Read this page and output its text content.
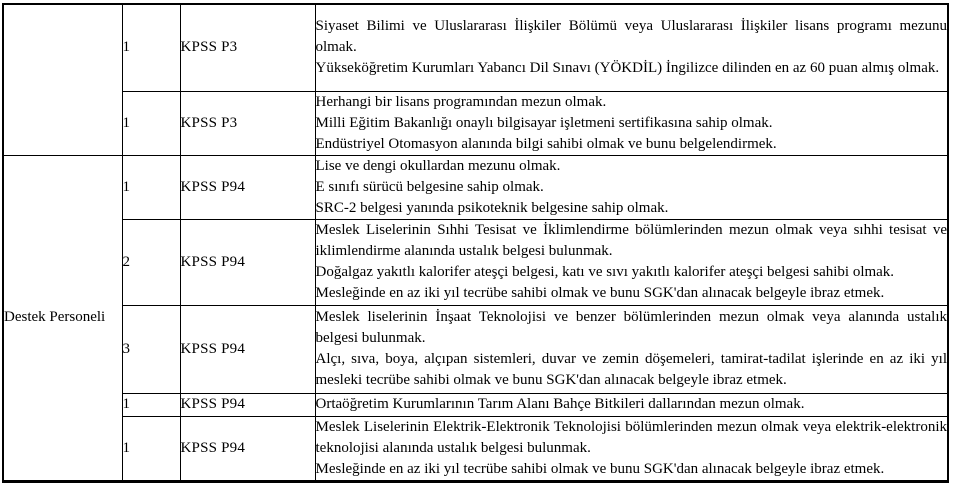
	1	KPSS P3	Siyaset Bilimi ve Uluslararası İlişkiler Bölümü veya Uluslararası İlişkiler lisans programı mezunu olmak.
Yükseköğretim Kurumları Yabancı Dil Sınavı (YÖKDİL) İngilizce dilinden en az 60 puan almış olmak.

	1	KPSS P3	Herhangi bir lisans programından mezun olmak.
Milli Eğitim Bakanlığı onaylı bilgisayar işletmeni sertifikasına sahip olmak.
Endüstriyel Otomasyon alanında bilgi sahibi olmak ve bunu belgelendirmek.

Destek Personeli	1	KPSS P94	Lise ve dengi okullardan mezunu olmak.
E sınıfı sürücü belgesine sahip olmak.
SRC-2 belgesi yanında psikoteknik belgesine sahip olmak.

	2	KPSS P94	Meslek Liselerinin Sıhhi Tesisat ve İklimlendirme bölümlerinden mezun olmak veya sıhhi tesisat ve iklimlendirme alanında ustalık belgesi bulunmak.
Doğalgaz yakıtlı kalorifer ateşçi belgesi, katı ve sıvı yakıtlı kalorifer ateşçi belgesi sahibi olmak.
Mesleğinde en az iki yıl tecrübe sahibi olmak ve bunu SGK'dan alınacak belgeyle ibraz etmek.

	3	KPSS P94	Meslek liselerinin İnşaat Teknolojisi ve benzer bölümlerinden mezun olmak veya alanında ustalık belgesi bulunmak.
Alçı, sıva, boya, alçıpan sistemleri, duvar ve zemin döşemeleri, tamirat-tadilat işlerinde en az iki yıl mesleki tecrübe sahibi olmak ve bunu SGK'dan alınacak belgeyle ibraz etmek.

	1	KPSS P94	Ortaöğretim Kurumlarının Tarım Alanı Bahçe Bitkileri dallarından mezun olmak.

	1	KPSS P94	Meslek Liselerinin Elektrik-Elektronik Teknolojisi bölümlerinden mezun olmak veya elektrik-elektronik teknolojisi alanında ustalık belgesi bulunmak.
Mesleğinde en az iki yıl tecrübe sahibi olmak ve bunu SGK'dan alınacak belgeyle ibraz etmek.
